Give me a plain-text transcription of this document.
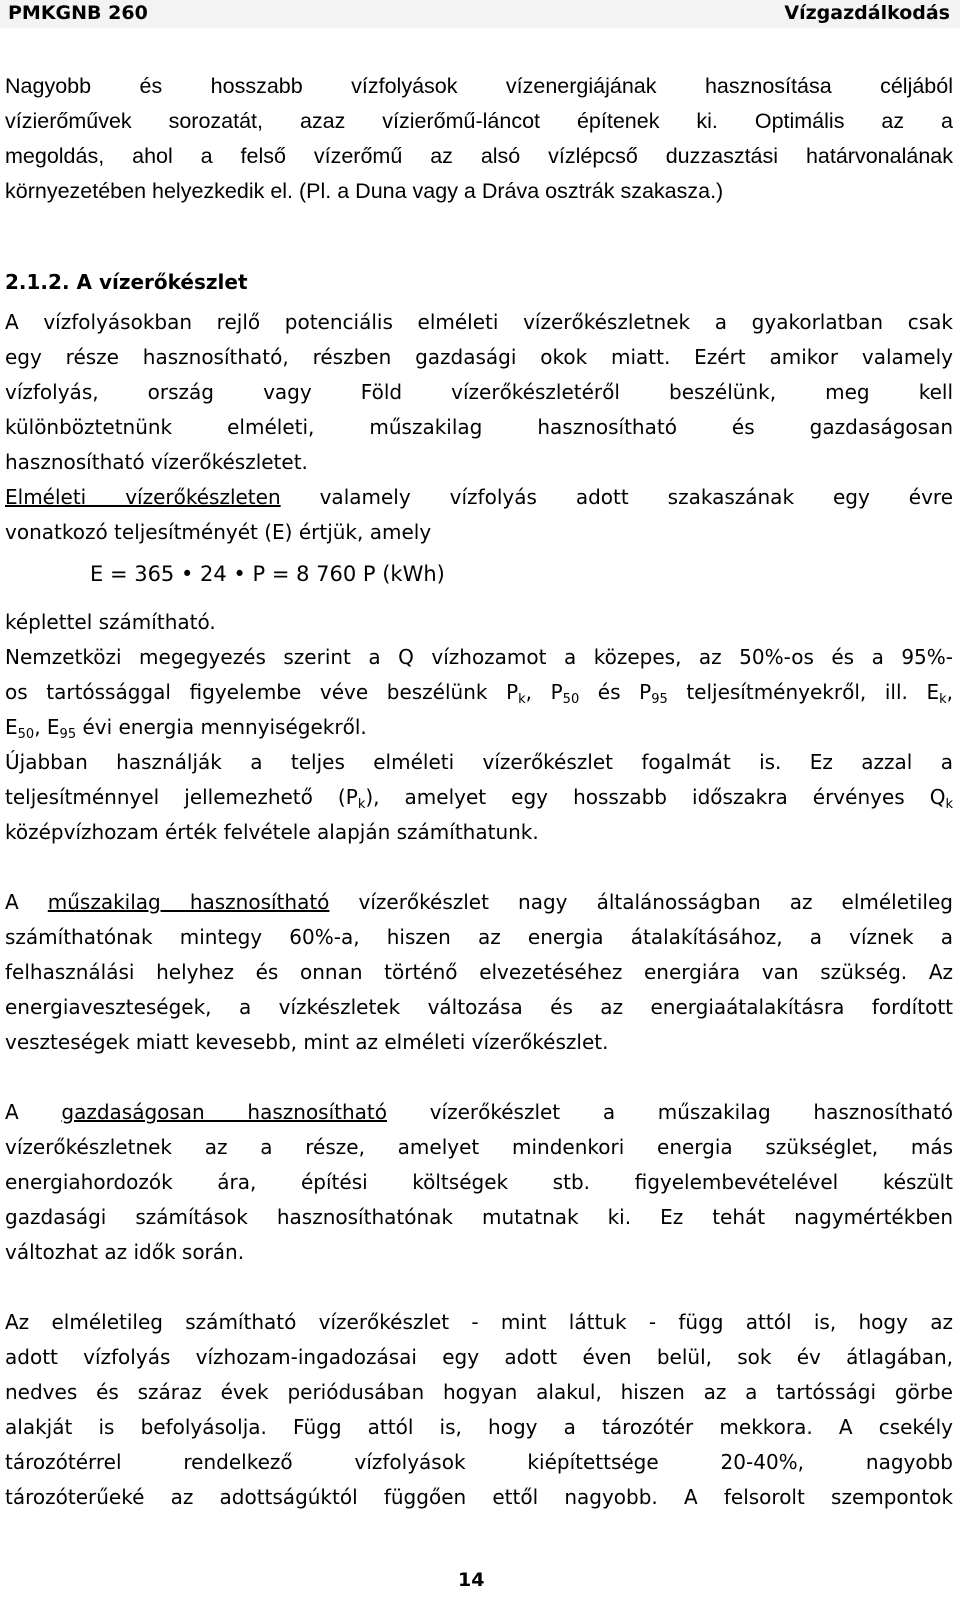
PMKGNB 260	Vízgazdálkodás

Nagyobb és hosszabb vízfolyások vízenergiájának hasznosítása céljából

vízierőművek sorozatát, azaz vízierőmű-láncot építenek ki. Optimális az a

megoldás, ahol a felső vízerőmű az alsó vízlépcső duzzasztási határvonalának

környezetében helyezkedik el. (Pl. a Duna vagy a Dráva osztrák szakasza.)

2.1.2. A vízerőkészlet

A vízfolyásokban rejlő potenciális elméleti vízerőkészletnek a gyakorlatban csak

egy része hasznosítható, részben gazdasági okok miatt. Ezért amikor valamely

vízfolyás, ország vagy Föld vízerőkészletéről beszélünk, meg kell

különböztetnünk elméleti, műszakilag hasznosítható és gazdaságosan

hasznosítható vízerőkészletet.

Elméleti vízerőkészleten valamely vízfolyás adott szakaszának egy évre

vonatkozó teljesítményét (E) értjük, amely

E = 365 • 24 • P = 8 760 P (kWh)

képlettel számítható.

Nemzetközi megegyezés szerint a Q vízhozamot a közepes, az 50%-os és a 95%-

os tartóssággal figyelembe véve beszélünk $P_k$, $P_{50}$ és $P_{95}$ teljesítményekről, ill. $E_k$,

$E_{50}$, $E_{95}$ évi energia mennyiségekről.

Újabban használják a teljes elméleti vízerőkészlet fogalmát is. Ez azzal a

teljesítménnyel jellemezhető $(P_k)$, amelyet egy hosszabb időszakra érvényes $Q_k$

középvízhozam érték felvétele alapján számíthatunk.

A műszakilag hasznosítható vízerőkészlet nagy általánosságban az elméletileg

számíthatónak mintegy 60%-a, hiszen az energia átalakításához, a víznek a

felhasználási helyhez és onnan történő elvezetéséhez energiára van szükség. Az

energiaveszteségek, a vízkészletek változása és az energiaátalakításra fordított

veszteségek miatt kevesebb, mint az elméleti vízerőkészlet.

A gazdaságosan hasznosítható vízerőkészlet a műszakilag hasznosítható

vízerőkészletnek az a része, amelyet mindenkori energia szükséglet, más

energiahordozók ára, építési költségek stb. figyelembevételével készült

gazdasági számítások hasznosíthatónak mutatnak ki. Ez tehát nagymértékben

változhat az idők során.

Az elméletileg számítható vízerőkészlet - mint láttuk - függ attól is, hogy az

adott vízfolyás vízhozam-ingadozásai egy adott éven belül, sok év átlagában,

nedves és száraz évek periódusában hogyan alakul, hiszen az a tartóssági görbe

alakját is befolyásolja. Függ attól is, hogy a tározótér mekkora. A csekély

tározótérrel rendelkező vízfolyások kiépítettsége 20-40%, nagyobb

tározóterűeké az adottságúktól függően ettől nagyobb. A felsorolt szempontok

14
